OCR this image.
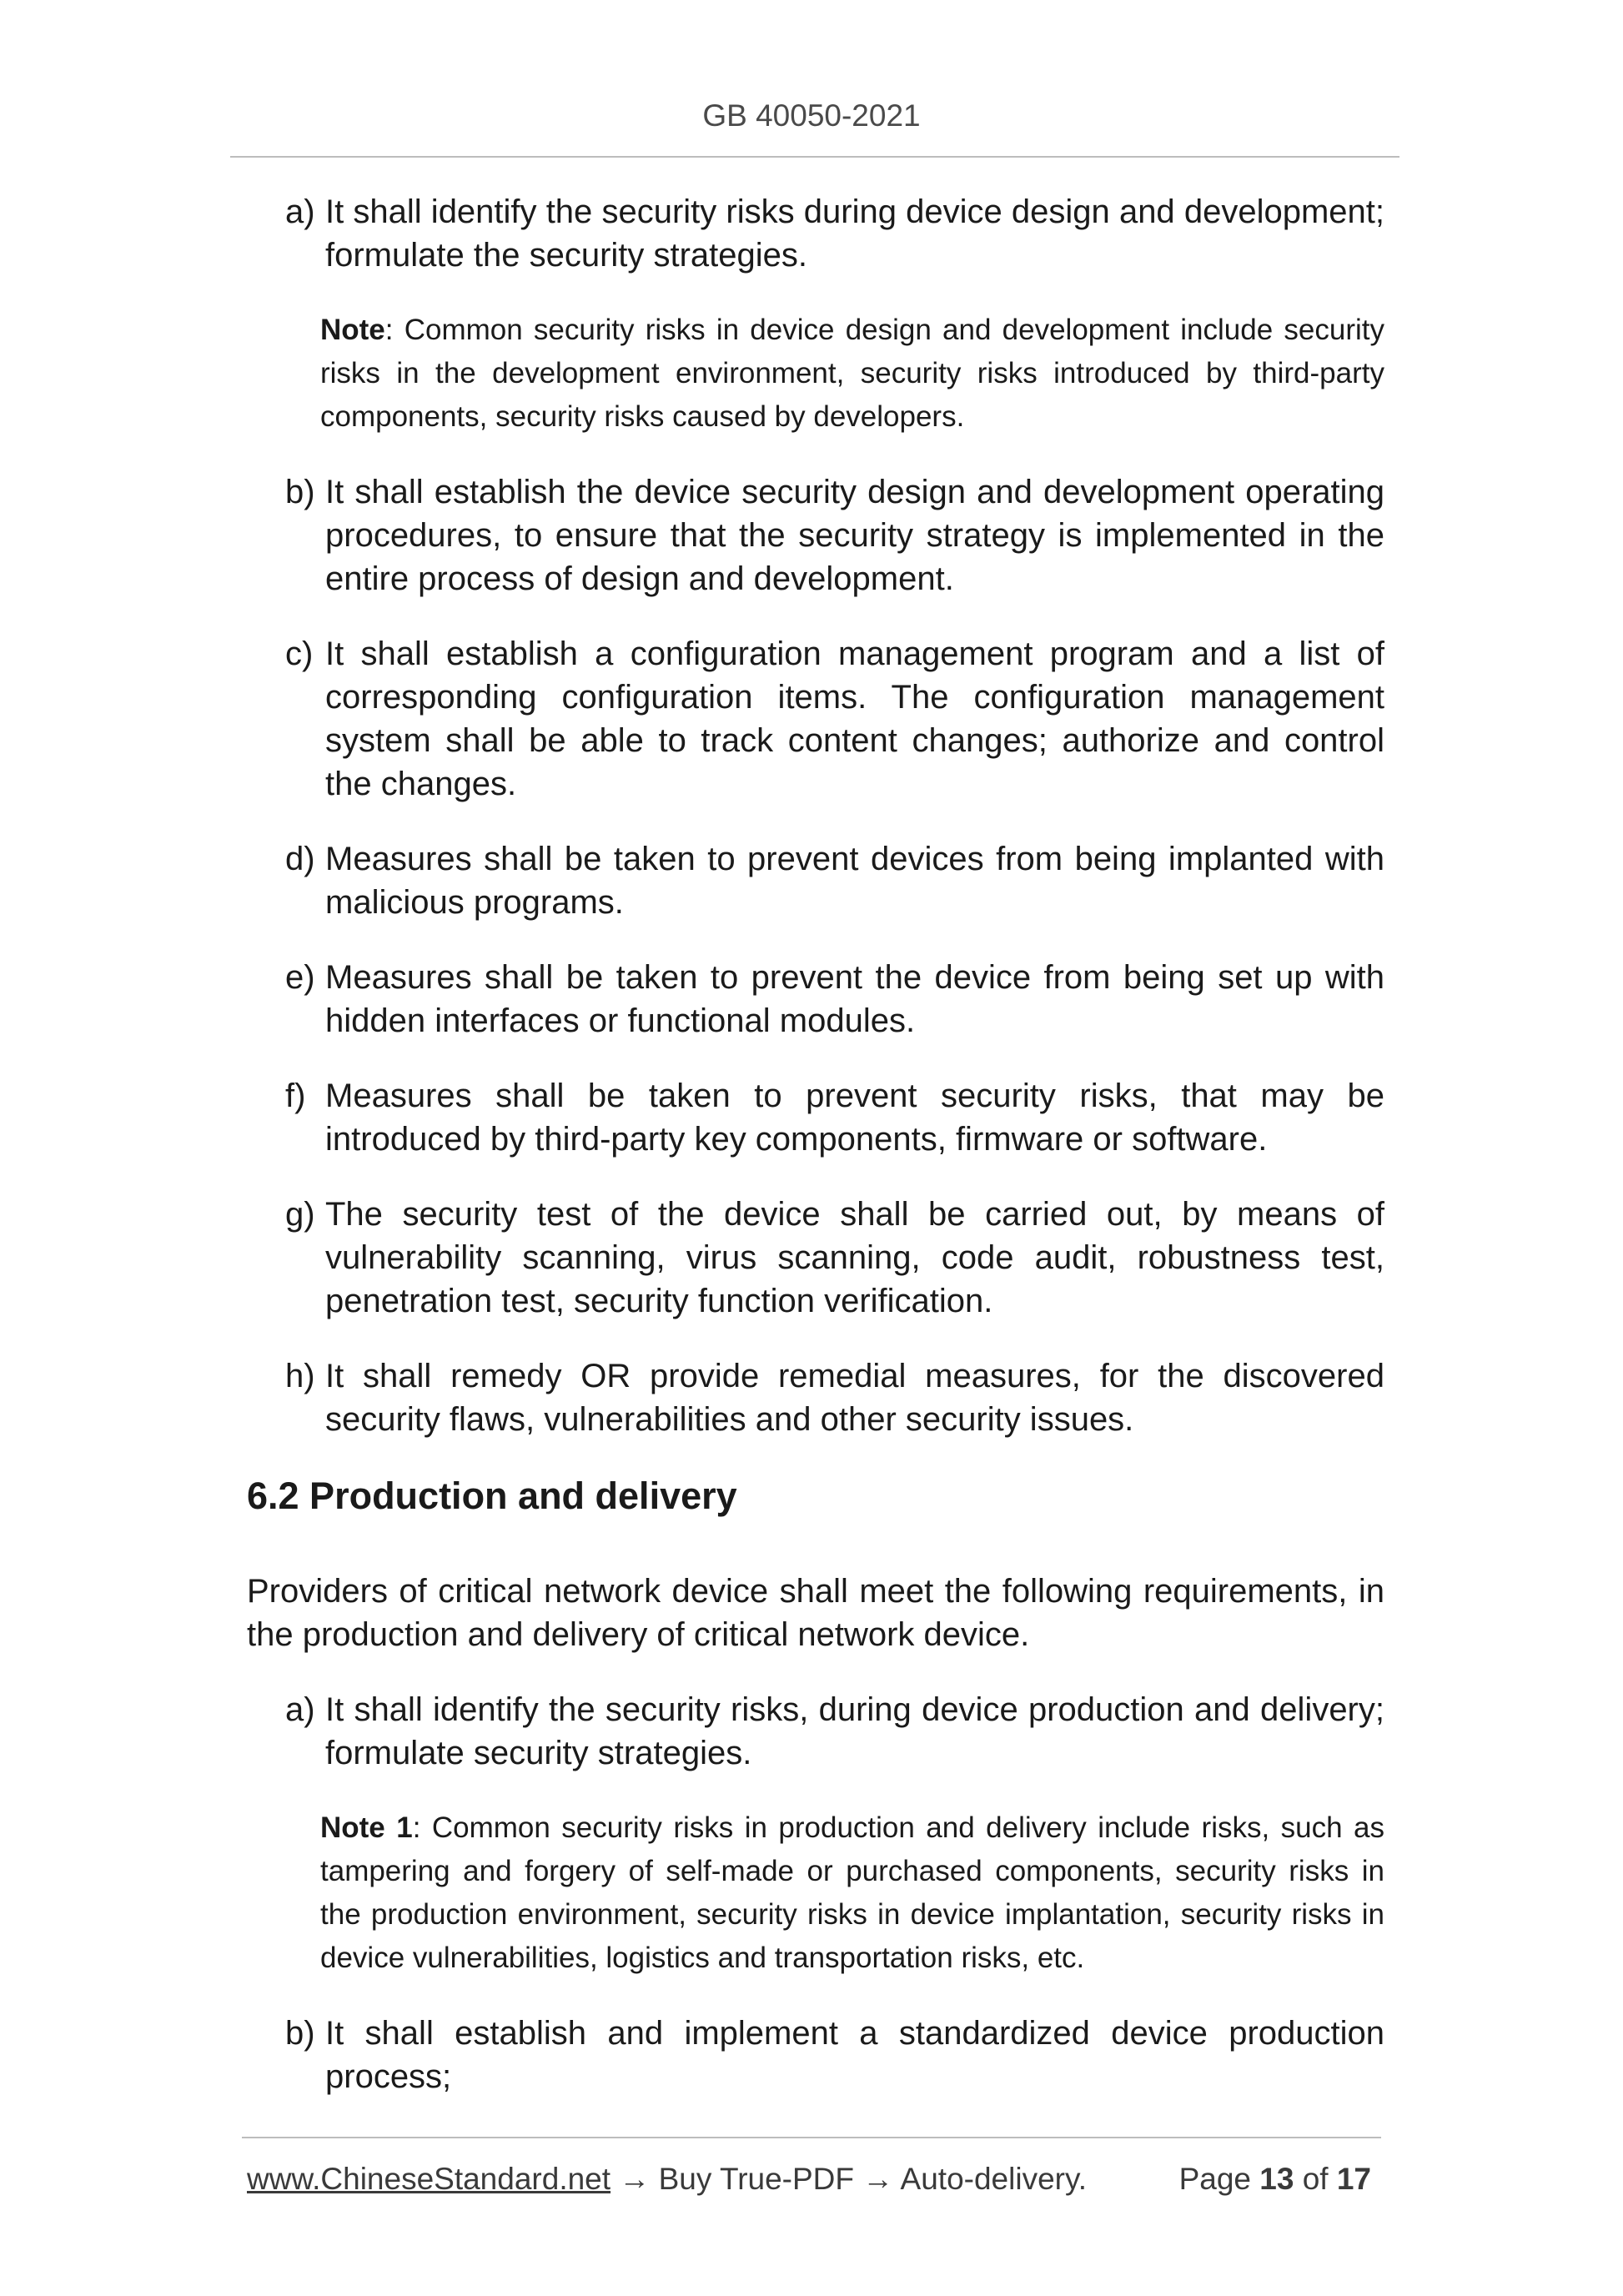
GB 40050-2021
a) It shall identify the security risks during device design and development; formulate the security strategies.
Note: Common security risks in device design and development include security risks in the development environment, security risks introduced by third-party components, security risks caused by developers.
b) It shall establish the device security design and development operating procedures, to ensure that the security strategy is implemented in the entire process of design and development.
c) It shall establish a configuration management program and a list of corresponding configuration items. The configuration management system shall be able to track content changes; authorize and control the changes.
d) Measures shall be taken to prevent devices from being implanted with malicious programs.
e) Measures shall be taken to prevent the device from being set up with hidden interfaces or functional modules.
f) Measures shall be taken to prevent security risks, that may be introduced by third-party key components, firmware or software.
g) The security test of the device shall be carried out, by means of vulnerability scanning, virus scanning, code audit, robustness test, penetration test, security function verification.
h) It shall remedy OR provide remedial measures, for the discovered security flaws, vulnerabilities and other security issues.
6.2 Production and delivery
Providers of critical network device shall meet the following requirements, in the production and delivery of critical network device.
a) It shall identify the security risks, during device production and delivery; formulate security strategies.
Note 1: Common security risks in production and delivery include risks, such as tampering and forgery of self-made or purchased components, security risks in the production environment, security risks in device implantation, security risks in device vulnerabilities, logistics and transportation risks, etc.
b) It shall establish and implement a standardized device production process;
www.ChineseStandard.net → Buy True-PDF → Auto-delivery.	Page 13 of 17
